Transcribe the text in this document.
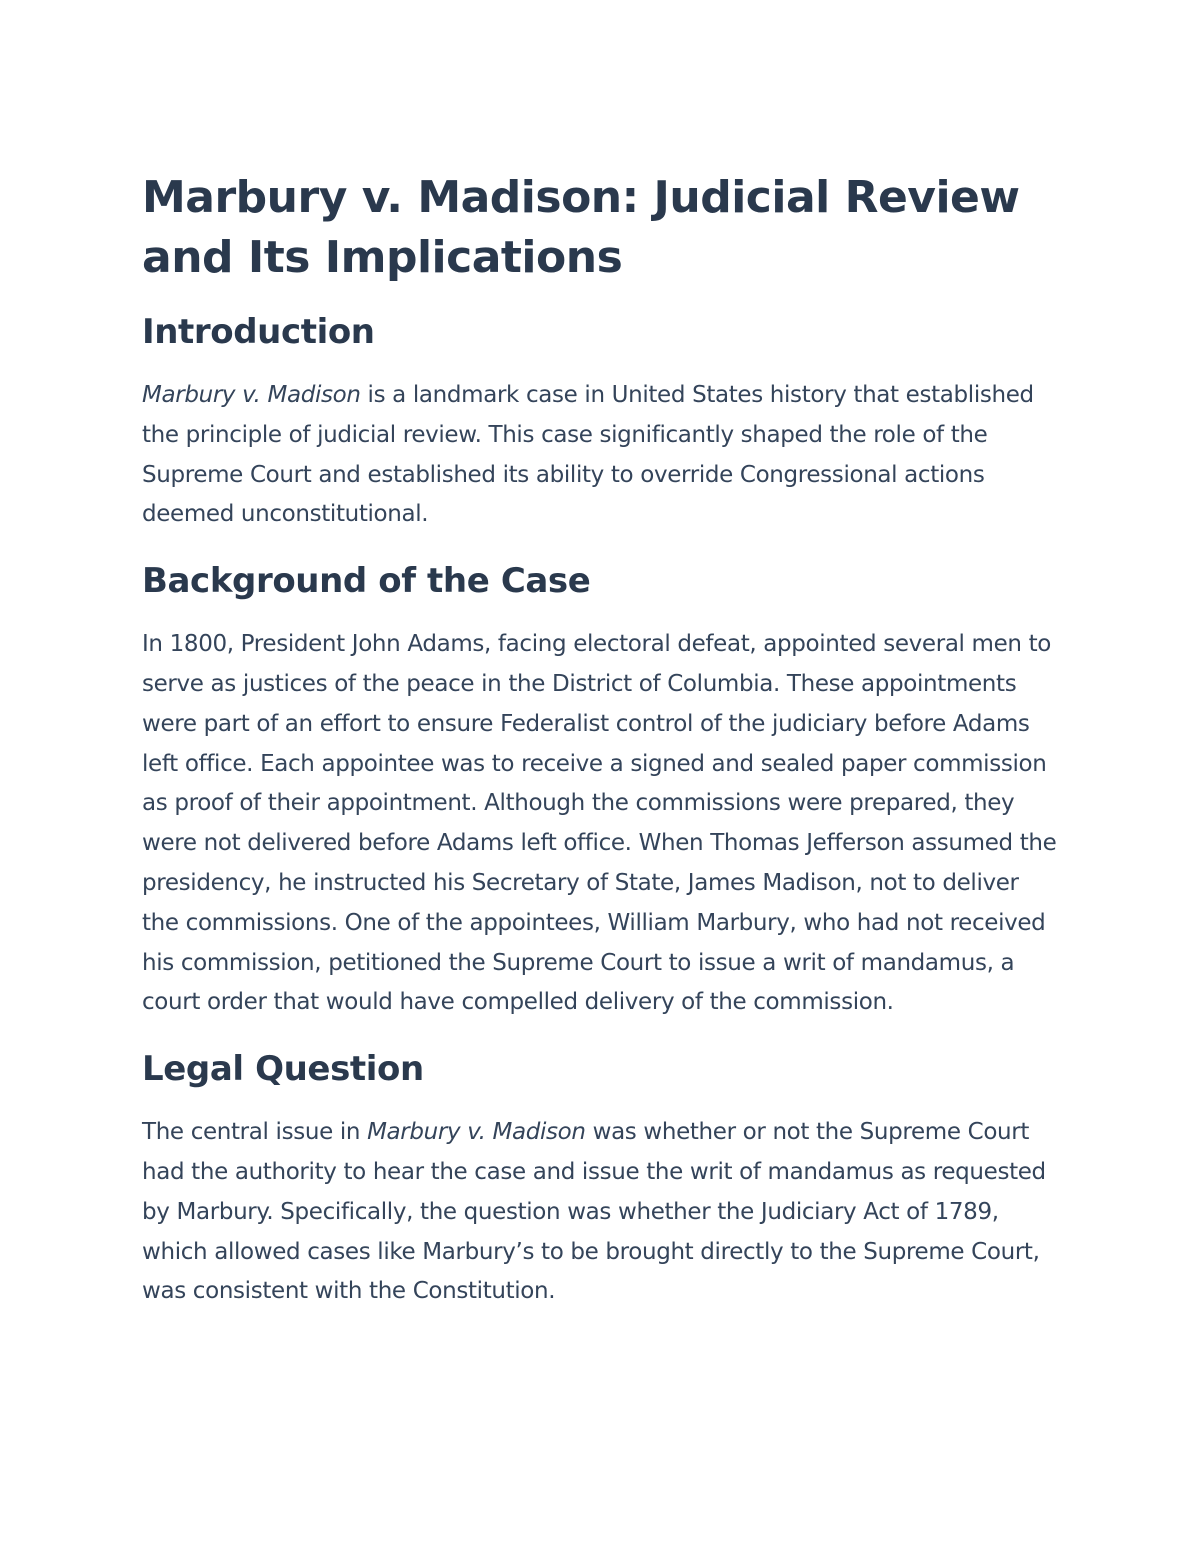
Marbury v. Madison: Judicial Review and Its Implications
Introduction

Marbury v. Madison is a landmark case in United States history that established the principle of judicial review. This case significantly shaped the role of the Supreme Court and established its ability to override Congressional actions deemed unconstitutional.

Background of the Case

In 1800, President John Adams, facing electoral defeat, appointed several men to serve as justices of the peace in the District of Columbia. These appointments were part of an effort to ensure Federalist control of the judiciary before Adams left office. Each appointee was to receive a signed and sealed paper commission as proof of their appointment. Although the commissions were prepared, they were not delivered before Adams left office. When Thomas Jefferson assumed the presidency, he instructed his Secretary of State, James Madison, not to deliver the commissions. One of the appointees, William Marbury, who had not received his commission, petitioned the Supreme Court to issue a writ of mandamus, a court order that would have compelled delivery of the commission.

Legal Question

The central issue in Marbury v. Madison was whether or not the Supreme Court had the authority to hear the case and issue the writ of mandamus as requested by Marbury. Specifically, the question was whether the Judiciary Act of 1789, which allowed cases like Marbury’s to be brought directly to the Supreme Court, was consistent with the Constitution.
